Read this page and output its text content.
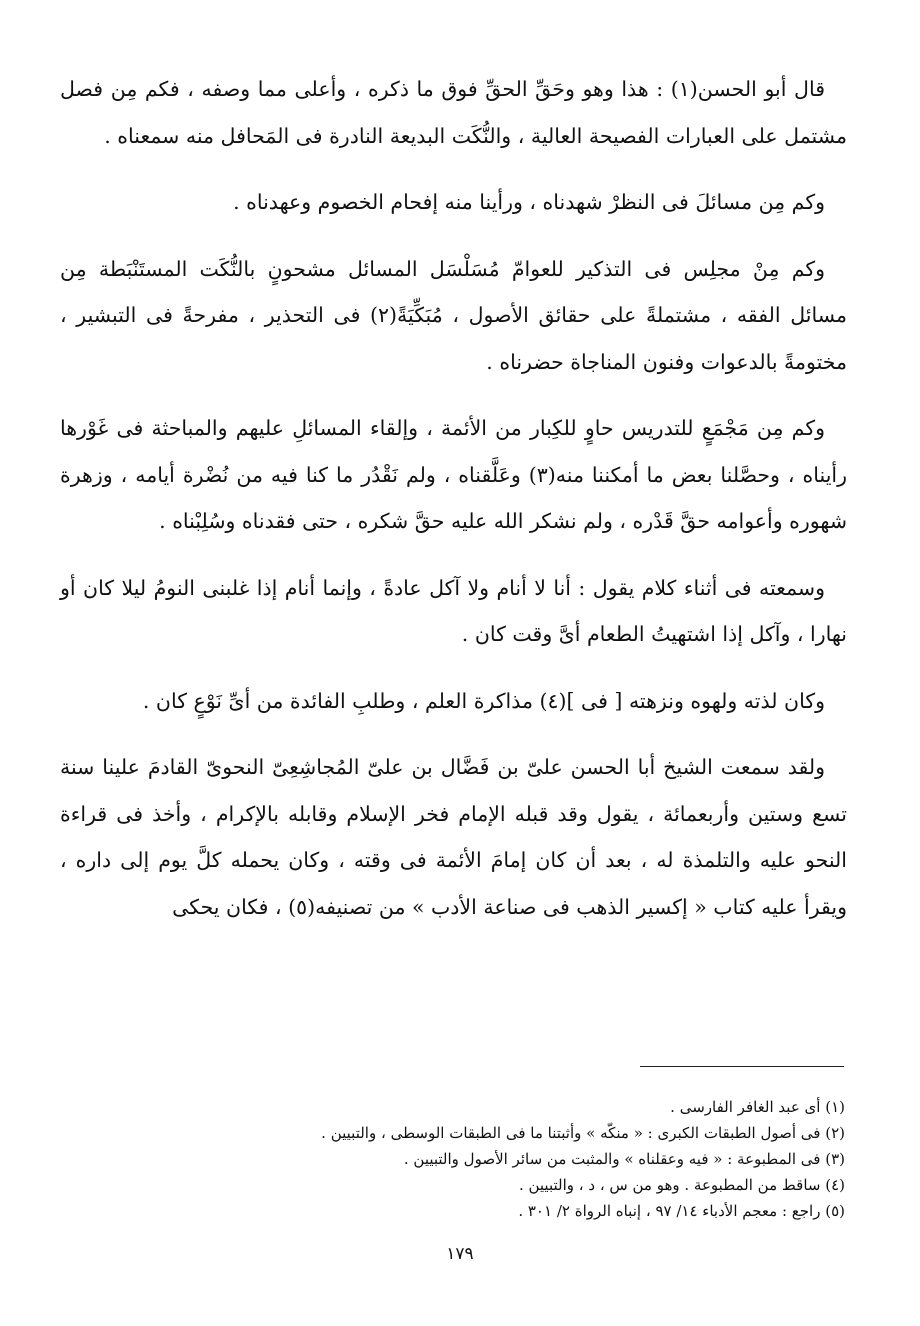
قال أبو الحسن(١) : هذا وهو وحَقِّ الحقِّ فوق ما ذكره ، وأعلى مما وصفه ، فكم مِن فصل مشتمل على العبارات الفصيحة العالية ، والنُّكَت البديعة النادرة فى المَحافل منه سمعناه .

وكم مِن مسائلَ فى النظرْ شهدناه ، ورأينا منه إفحام الخصوم وعهدناه .

وكم مِنْ مجلِس فى التذكير للعوامّ مُسَلْسَل المسائل مشحونٍ بالنُّكَت المستَنْبَطة مِن مسائل الفقه ، مشتملةً على حقائق الأصول ، مُبَكِّيَةً(٢) فى التحذير ، مفرحةً فى التبشير ، مختومةً بالدعوات وفنون المناجاة حضرناه .

وكم مِن مَجْمَعٍ للتدريس حاوٍ للكِبار من الأئمة ، وإلقاء المسائلِ عليهم والمباحثة فى غَوْرها رأيناه ، وحصَّلنا بعض ما أمكننا منه(٣) وعَلَّقناه ، ولم نَقْدُر ما كنا فيه من نُضْرة أيامه ، وزهرة شهوره وأعوامه حقَّ قَدْره ، ولم نشكر الله عليه حقَّ شكره ، حتى فقدناه وسُلِبْناه .

وسمعته فى أثناء كلام يقول : أنا لا أنام ولا آكل عادةً ، وإنما أنام إذا غلبنى النومُ ليلا كان أو نهارا ، وآكل إذا اشتهيتُ الطعام أىَّ وقت كان .

وكان لذته ولهوه ونزهته [ فى ](٤) مذاكرة العلم ، وطلبِ الفائدة من أىِّ نَوْعٍ كان .

ولقد سمعت الشيخ أبا الحسن علىّ بن فَضَّال بن علىّ المُجاشِعِىّ النحوىّ القادمَ علينا سنة تسع وستين وأربعمائة ، يقول وقد قبله الإمام فخر الإسلام وقابله بالإكرام ، وأخذ فى قراءة النحو عليه والتلمذة له ، بعد أن كان إمامَ الأئمة فى وقته ، وكان يحمله كلَّ يوم إلى داره ، ويقرأ عليه كتاب « إكسير الذهب فى صناعة الأدب » من تصنيفه(٥) ، فكان يحكى

(١) أى عبد الغافر الفارسى .

(٢) فى أصول الطبقات الكبرى : « منكّه » وأثبتنا ما فى الطبقات الوسطى ، والتبيين .

(٣) فى المطبوعة : « فيه وعقلناه » والمثبت من سائر الأصول والتبيين .

(٤) ساقط من المطبوعة . وهو من س ، د ، والتبيين .

(٥) راجع : معجم الأدباء ١٤/ ٩٧ ، إنباه الرواة ٢/ ٣٠١ .

١٧٩
